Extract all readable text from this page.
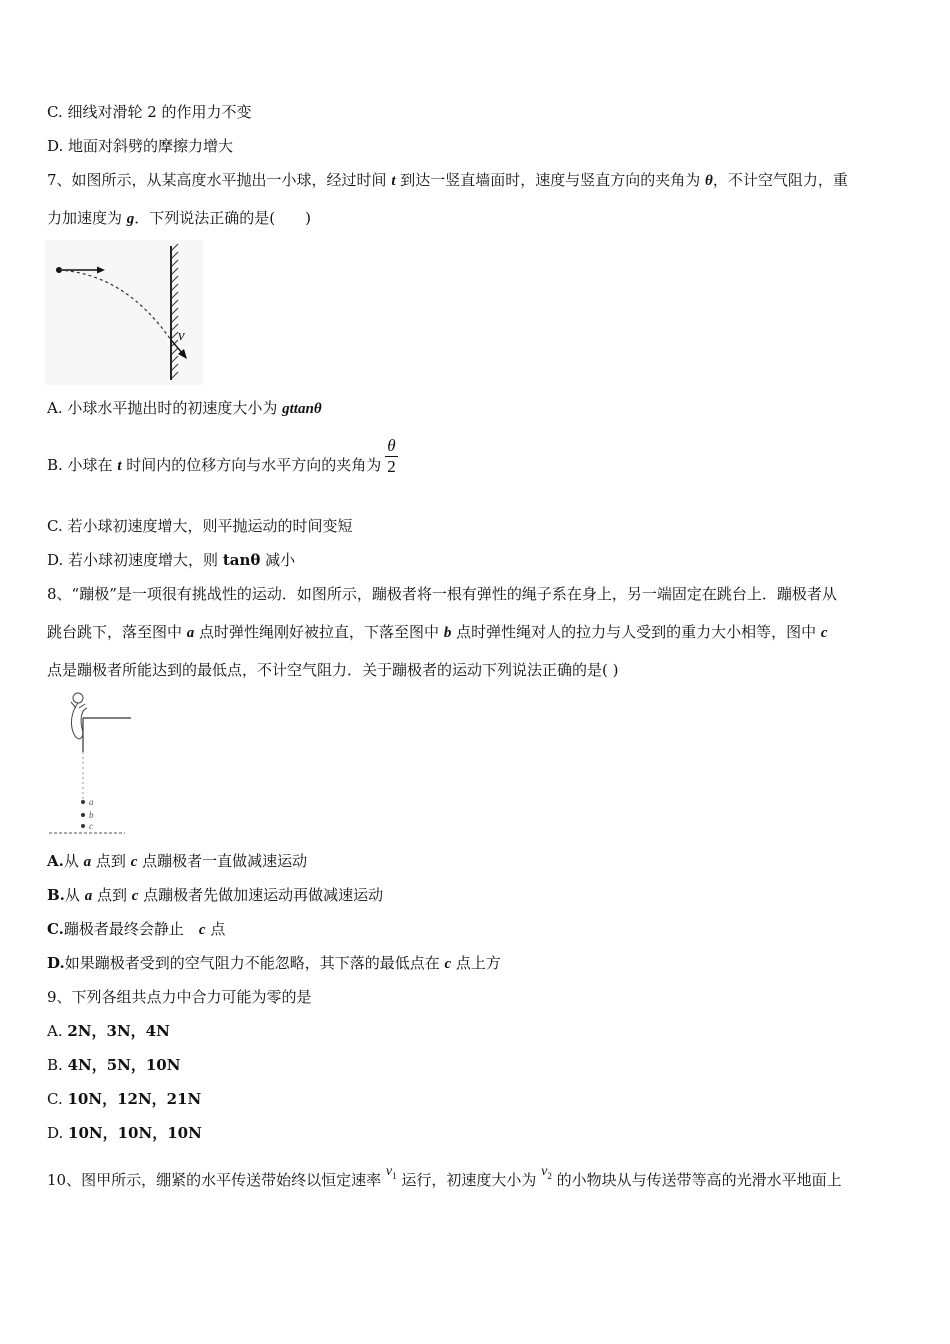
C. 细线对滑轮 2 的作用力不变
D. 地面对斜劈的摩擦力增大
7、如图所示，从某高度水平抛出一小球，经过时间 t 到达一竖直墙面时，速度与竖直方向的夹角为 θ，不计空气阻力，重
力加速度为 g．下列说法正确的是(　　)
v
A. 小球水平抛出时的初速度大小为 gttanθ
B. 小球在 t 时间内的位移方向与水平方向的夹角为 $\frac{\theta}{2}$
C. 若小球初速度增大，则平抛运动的时间变短
D. 若小球初速度增大，则 tanθ 减小
8、“蹦极”是一项很有挑战性的运动．如图所示，蹦极者将一根有弹性的绳子系在身上，另一端固定在跳台上．蹦极者从
跳台跳下，落至图中 a 点时弹性绳刚好被拉直，下落至图中 b 点时弹性绳对人的拉力与人受到的重力大小相等，图中 c
点是蹦极者所能达到的最低点，不计空气阻力．关于蹦极者的运动下列说法正确的是( )
a
b
c
A.从 a 点到 c 点蹦极者一直做减速运动
B.从 a 点到 c 点蹦极者先做加速运动再做减速运动
C.蹦极者最终会静止　c 点
D.如果蹦极者受到的空气阻力不能忽略，其下落的最低点在 c 点上方
9、下列各组共点力中合力可能为零的是
A. 2N，3N，4N
B. 4N，5N，10N
C. 10N，12N，21N
D. 10N，10N，10N
10、图甲所示，绷紧的水平传送带始终以恒定速率 $v_1$ 运行，初速度大小为 $v_2$ 的小物块从与传送带等高的光滑水平地面上
